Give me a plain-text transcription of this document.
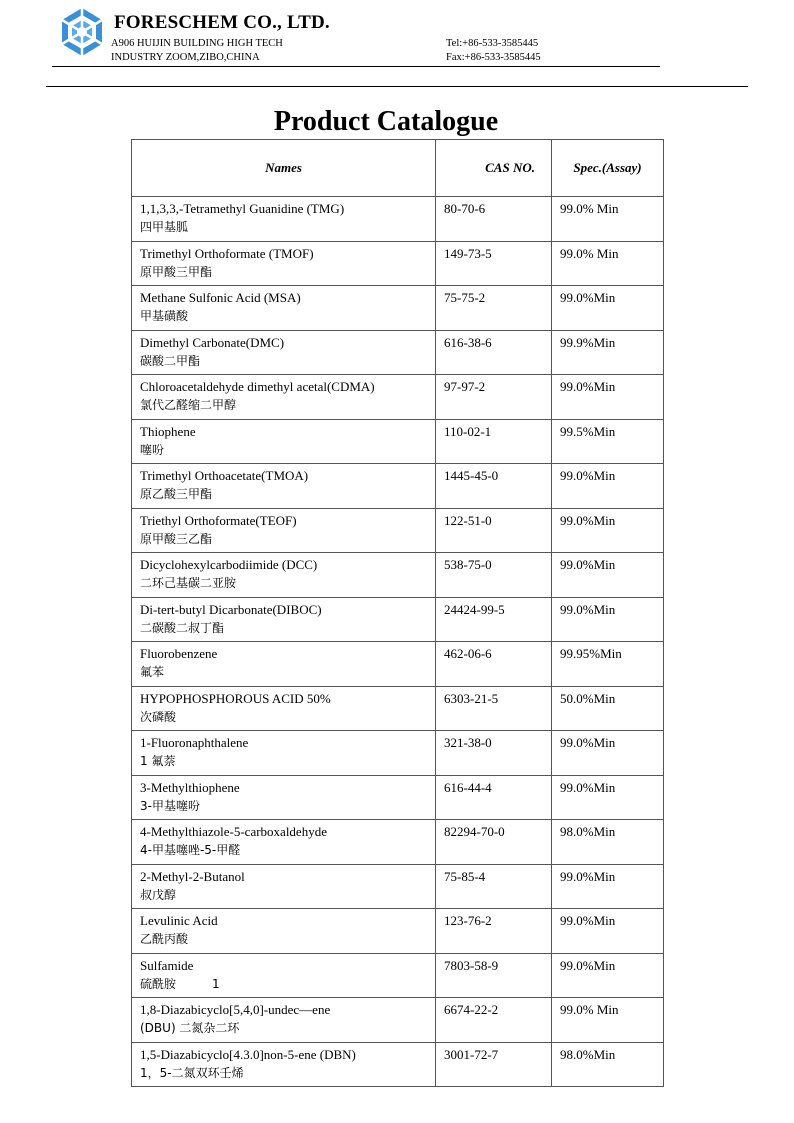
FORESCHEM CO., LTD.
A906 HUIJIN BUILDING HIGH TECH
INDUSTRY ZOOM,ZIBO,CHINA
Tel:+86-533-3585445
Fax:+86-533-3585445
Product Catalogue
Names	CAS NO.	Spec.(Assay)

1,1,3,3,-Tetramethyl Guanidine (TMG)
四甲基胍	80-70-6	99.0% Min

Trimethyl Orthoformate (TMOF)
原甲酸三甲酯	149-73-5	99.0% Min

Methane Sulfonic Acid (MSA)
甲基磺酸	75-75-2	99.0%Min

Dimethyl Carbonate(DMC)
碳酸二甲酯	616-38-6	99.9%Min

Chloroacetaldehyde dimethyl acetal(CDMA)
氯代乙醛缩二甲醇	97-97-2	99.0%Min

Thiophene
噻吩	110-02-1	99.5%Min

Trimethyl Orthoacetate(TMOA)
原乙酸三甲酯	1445-45-0	99.0%Min

Triethyl Orthoformate(TEOF)
原甲酸三乙酯	122-51-0	99.0%Min

Dicyclohexylcarbodiimide (DCC)
二环己基碳二亚胺	538-75-0	99.0%Min

Di-tert-butyl Dicarbonate(DIBOC)
二碳酸二叔丁酯	24424-99-5	99.0%Min

Fluorobenzene
氟苯	462-06-6	99.95%Min

HYPOPHOSPHOROUS ACID 50%
次磷酸	6303-21-5	50.0%Min

1-Fluoronaphthalene
1 氟萘	321-38-0	99.0%Min

3-Methylthiophene
3-甲基噻吩	616-44-4	99.0%Min

4-Methylthiazole-5-carboxaldehyde
4-甲基噻唑-5-甲醛	82294-70-0	98.0%Min

2-Methyl-2-Butanol
叔戊醇	75-85-4	99.0%Min

Levulinic Acid
乙酰丙酸	123-76-2	99.0%Min

Sulfamide
硫酰胺　　　1	7803-58-9	99.0%Min

1,8-Diazabicyclo[5,4,0]-undec—ene
(DBU) 二氮杂二环	6674-22-2	99.0% Min

1,5-Diazabicyclo[4.3.0]non-5-ene (DBN)
1，5-二氮双环壬烯	3001-72-7	98.0%Min
